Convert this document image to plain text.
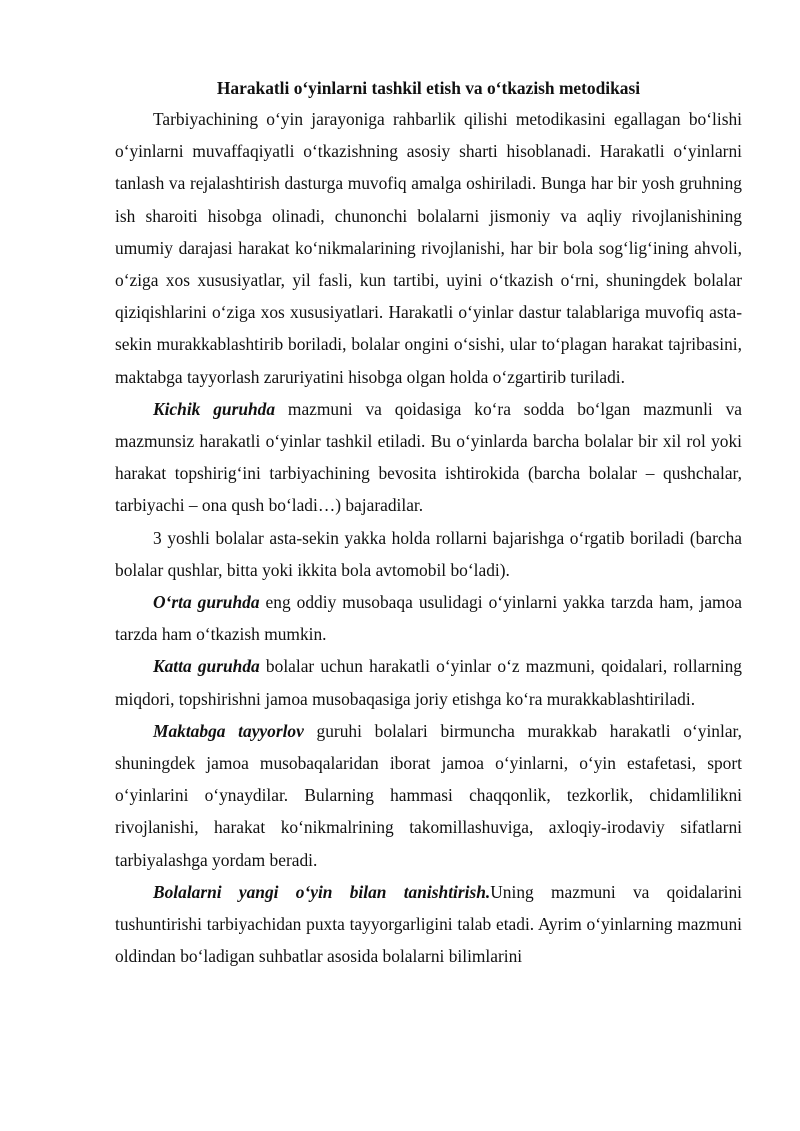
Harakatli o‘yinlarni tashkil etish va o‘tkazish metodikasi

Tarbiyachining o‘yin jarayoniga rahbarlik qilishi metodikasini egallagan bo‘lishi o‘yinlarni muvaffaqiyatli o‘tkazishning asosiy sharti hisoblanadi. Harakatli o‘yinlarni tanlash va rejalashtirish dasturga muvofiq amalga oshiriladi. Bunga har bir yosh gruhning ish sharoiti hisobga olinadi, chunonchi bolalarni jismoniy va aqliy rivojlanishining umumiy darajasi harakat ko‘nikmalarining rivojlanishi, har bir bola sog‘lig‘ining ahvoli, o‘ziga xos xususiyatlar, yil fasli, kun tartibi, uyini o‘tkazish o‘rni, shuningdek bolalar qiziqishlarini o‘ziga xos xususiyatlari. Harakatli o‘yinlar dastur talablariga muvofiq asta-sekin murakkablashtirib boriladi, bolalar ongini o‘sishi, ular to‘plagan harakat tajribasini, maktabga tayyorlash zaruriyatini hisobga olgan holda o‘zgartirib turiladi.

Kichik guruhda mazmuni va qoidasiga ko‘ra sodda bo‘lgan mazmunli va mazmunsiz harakatli o‘yinlar tashkil etiladi. Bu o‘yinlarda barcha bolalar bir xil rol yoki harakat topshirig‘ini tarbiyachining bevosita ishtirokida (barcha bolalar – qushchalar, tarbiyachi – ona qush bo‘ladi…) bajaradilar.

3 yoshli bolalar asta-sekin yakka holda rollarni bajarishga o‘rgatib boriladi (barcha bolalar qushlar, bitta yoki ikkita bola avtomobil bo‘ladi).

O‘rta guruhda eng oddiy musobaqa usulidagi o‘yinlarni yakka tarzda ham, jamoa tarzda ham o‘tkazish mumkin.

Katta guruhda bolalar uchun harakatli o‘yinlar o‘z mazmuni, qoidalari, rollarning miqdori, topshirishni jamoa musobaqasiga joriy etishga ko‘ra murakkablashtiriladi.

Maktabga tayyorlov guruhi bolalari birmuncha murakkab harakatli o‘yinlar, shuningdek jamoa musobaqalaridan iborat jamoa o‘yinlarni, o‘yin estafetasi, sport o‘yinlarini o‘ynaydilar. Bularning hammasi chaqqonlik, tezkorlik, chidamlilikni rivojlanishi, harakat ko‘nikmalrining takomillashuviga, axloqiy-irodaviy sifatlarni tarbiyalashga yordam beradi.

Bolalarni yangi o‘yin bilan tanishtirish.Uning mazmuni va qoidalarini tushuntirishi tarbiyachidan puxta tayyorgarligini talab etadi. Ayrim o‘yinlarning mazmuni oldindan bo‘ladigan suhbatlar asosida bolalarni bilimlarini
